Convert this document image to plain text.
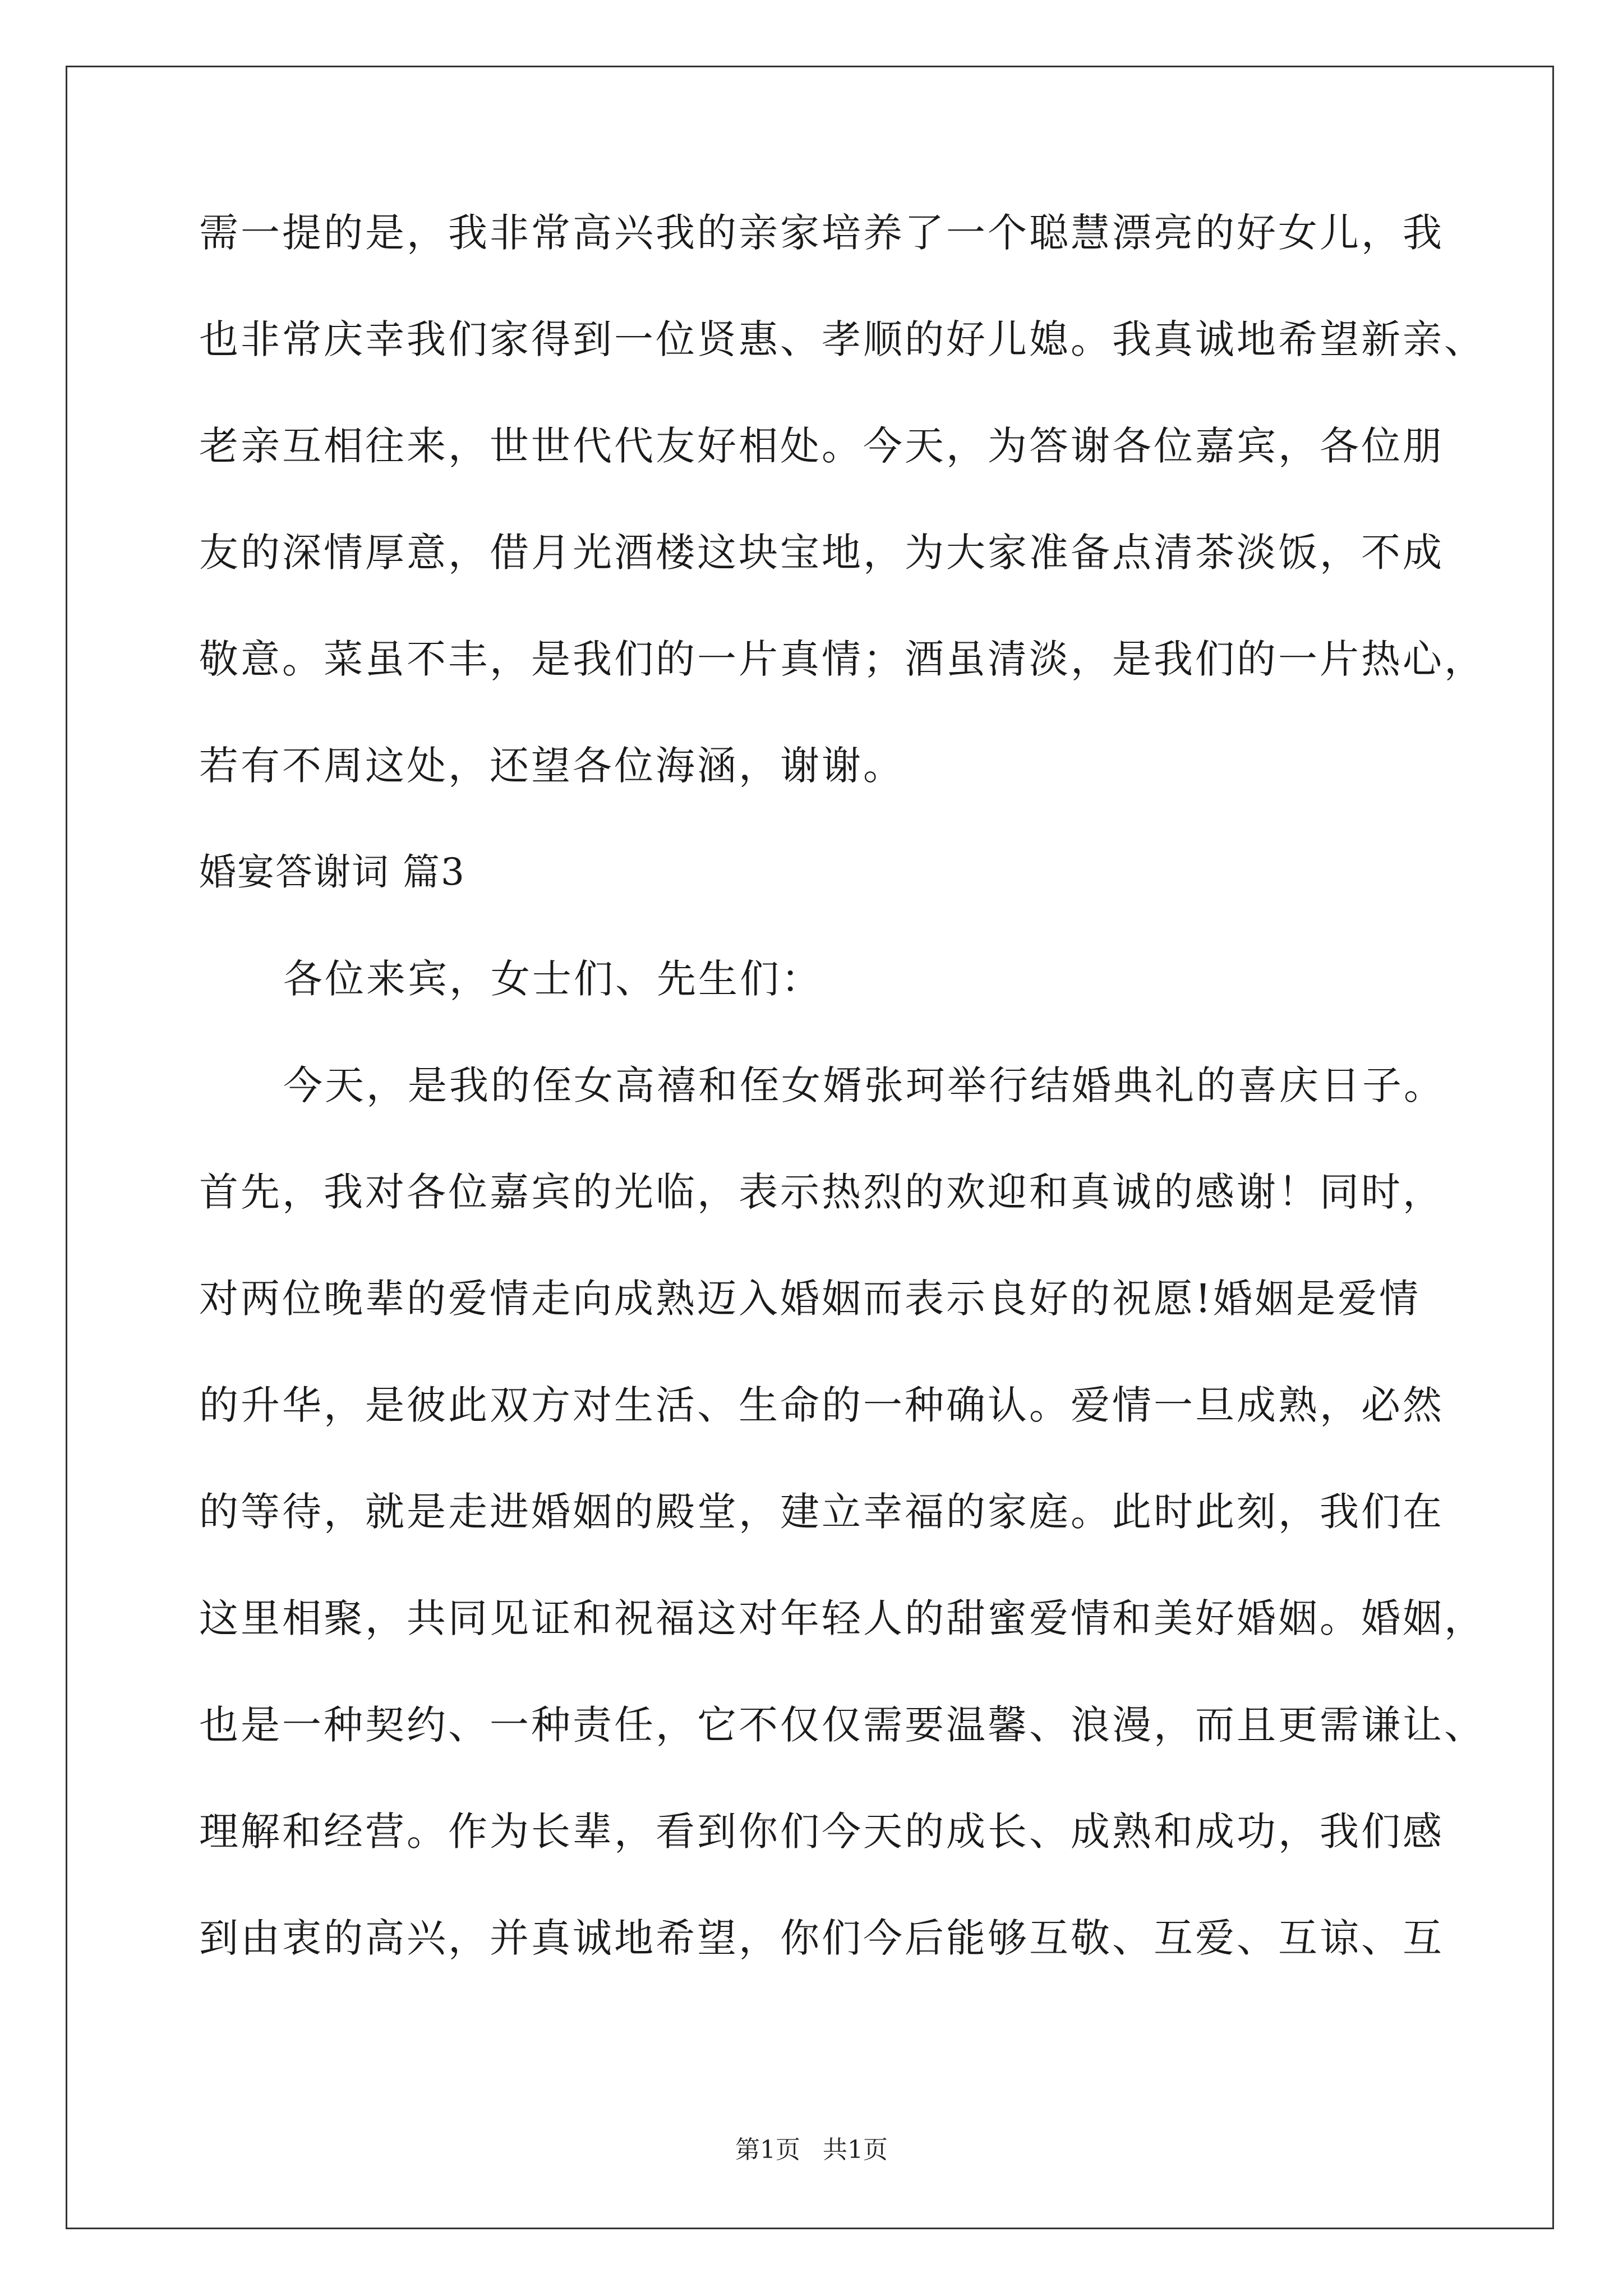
需一提的是，我非常高兴我的亲家培养了一个聪慧漂亮的好女儿，我

也非常庆幸我们家得到一位贤惠、孝顺的好儿媳。我真诚地希望新亲、

老亲互相往来，世世代代友好相处。今天，为答谢各位嘉宾，各位朋

友的深情厚意，借月光酒楼这块宝地，为大家准备点清茶淡饭，不成

敬意。菜虽不丰，是我们的一片真情；酒虽清淡，是我们的一片热心，

若有不周这处，还望各位海涵，谢谢。

婚宴答谢词 篇3

各位来宾，女士们、先生们：

今天，是我的侄女高禧和侄女婿张珂举行结婚典礼的喜庆日子。

首先，我对各位嘉宾的光临，表示热烈的欢迎和真诚的感谢！同时，

对两位晚辈的爱情走向成熟迈入婚姻而表示良好的祝愿!婚姻是爱情

的升华，是彼此双方对生活、生命的一种确认。爱情一旦成熟，必然

的等待，就是走进婚姻的殿堂，建立幸福的家庭。此时此刻，我们在

这里相聚，共同见证和祝福这对年轻人的甜蜜爱情和美好婚姻。婚姻，

也是一种契约、一种责任，它不仅仅需要温馨、浪漫，而且更需谦让、

理解和经营。作为长辈，看到你们今天的成长、成熟和成功，我们感

到由衷的高兴，并真诚地希望，你们今后能够互敬、互爱、互谅、互

第1页 共1页
